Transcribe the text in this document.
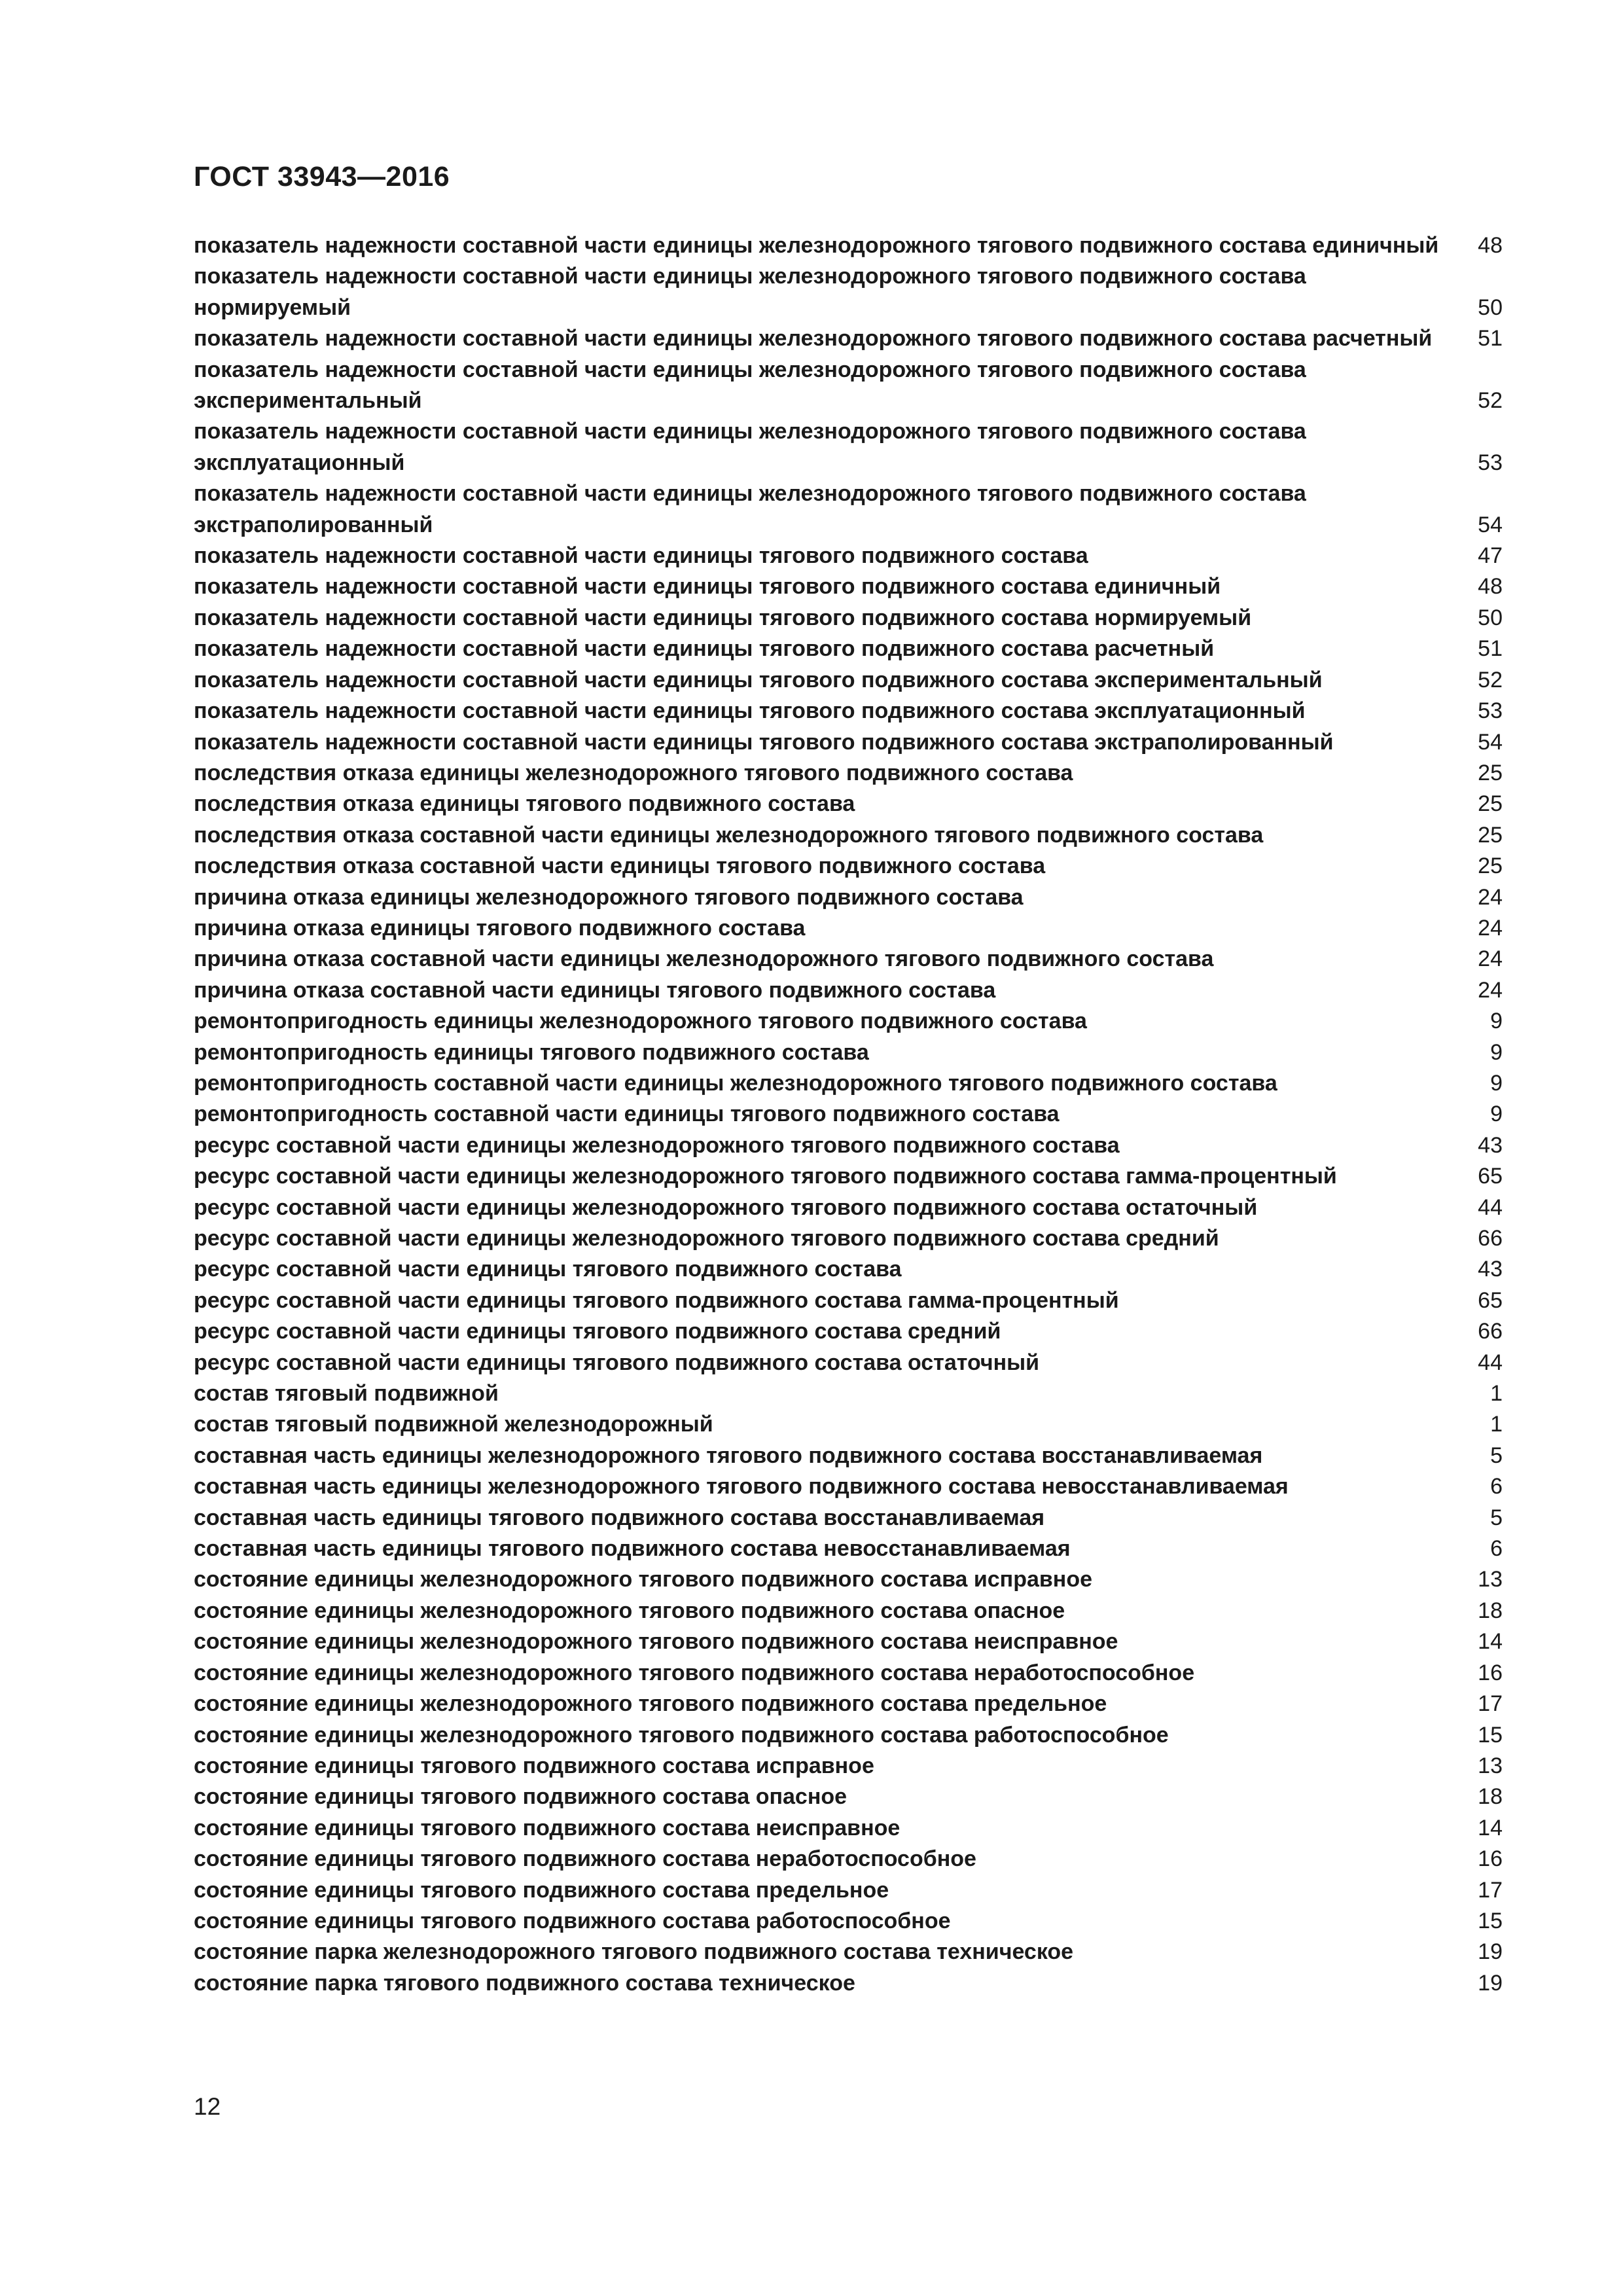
ГОСТ 33943—2016
показатель надежности составной части единицы железнодорожного тягового подвижного состава единичный	48
показатель надежности составной части единицы железнодорожного тягового подвижного состава нормируемый	50
показатель надежности составной части единицы железнодорожного тягового подвижного состава расчетный	51
показатель надежности составной части единицы железнодорожного тягового подвижного состава экспериментальный	52
показатель надежности составной части единицы железнодорожного тягового подвижного состава эксплуатационный	53
показатель надежности составной части единицы железнодорожного тягового подвижного состава экстраполированный	54
показатель надежности составной части единицы тягового подвижного состава	47
показатель надежности составной части единицы тягового подвижного состава единичный	48
показатель надежности составной части единицы тягового подвижного состава нормируемый	50
показатель надежности составной части единицы тягового подвижного состава расчетный	51
показатель надежности составной части единицы тягового подвижного состава экспериментальный	52
показатель надежности составной части единицы тягового подвижного состава эксплуатационный	53
показатель надежности составной части единицы тягового подвижного состава экстраполированный	54
последствия отказа единицы железнодорожного тягового подвижного состава	25
последствия отказа единицы тягового подвижного состава	25
последствия отказа составной части единицы железнодорожного тягового подвижного состава	25
последствия отказа составной части единицы тягового подвижного состава	25
причина отказа единицы железнодорожного тягового подвижного состава	24
причина отказа единицы тягового подвижного состава	24
причина отказа составной части единицы железнодорожного тягового подвижного состава	24
причина отказа составной части единицы тягового подвижного состава	24
ремонтопригодность единицы железнодорожного тягового подвижного состава	9
ремонтопригодность единицы тягового подвижного состава	9
ремонтопригодность составной части единицы железнодорожного тягового подвижного состава	9
ремонтопригодность составной части единицы тягового подвижного состава	9
ресурс составной части единицы железнодорожного тягового подвижного состава	43
ресурс составной части единицы железнодорожного тягового подвижного состава гамма-процентный	65
ресурс составной части единицы железнодорожного тягового подвижного состава остаточный	44
ресурс составной части единицы железнодорожного тягового подвижного состава средний	66
ресурс составной части единицы тягового подвижного состава	43
ресурс составной части единицы тягового подвижного состава гамма-процентный	65
ресурс составной части единицы тягового подвижного состава средний	66
ресурс составной части единицы тягового подвижного состава остаточный	44
состав тяговый подвижной	1
состав тяговый подвижной железнодорожный	1
составная часть единицы железнодорожного тягового подвижного состава восстанавливаемая	5
составная часть единицы железнодорожного тягового подвижного состава невосстанавливаемая	6
составная часть единицы тягового подвижного состава восстанавливаемая	5
составная часть единицы тягового подвижного состава невосстанавливаемая	6
состояние единицы железнодорожного тягового подвижного состава исправное	13
состояние единицы железнодорожного тягового подвижного состава опасное	18
состояние единицы железнодорожного тягового подвижного состава неисправное	14
состояние единицы железнодорожного тягового подвижного состава неработоспособное	16
состояние единицы железнодорожного тягового подвижного состава предельное	17
состояние единицы железнодорожного тягового подвижного состава работоспособное	15
состояние единицы тягового подвижного состава исправное	13
состояние единицы тягового подвижного состава опасное	18
состояние единицы тягового подвижного состава неисправное	14
состояние единицы тягового подвижного состава неработоспособное	16
состояние единицы тягового подвижного состава предельное	17
состояние единицы тягового подвижного состава работоспособное	15
состояние парка железнодорожного тягового подвижного состава техническое	19
состояние парка тягового подвижного состава техническое	19
12
